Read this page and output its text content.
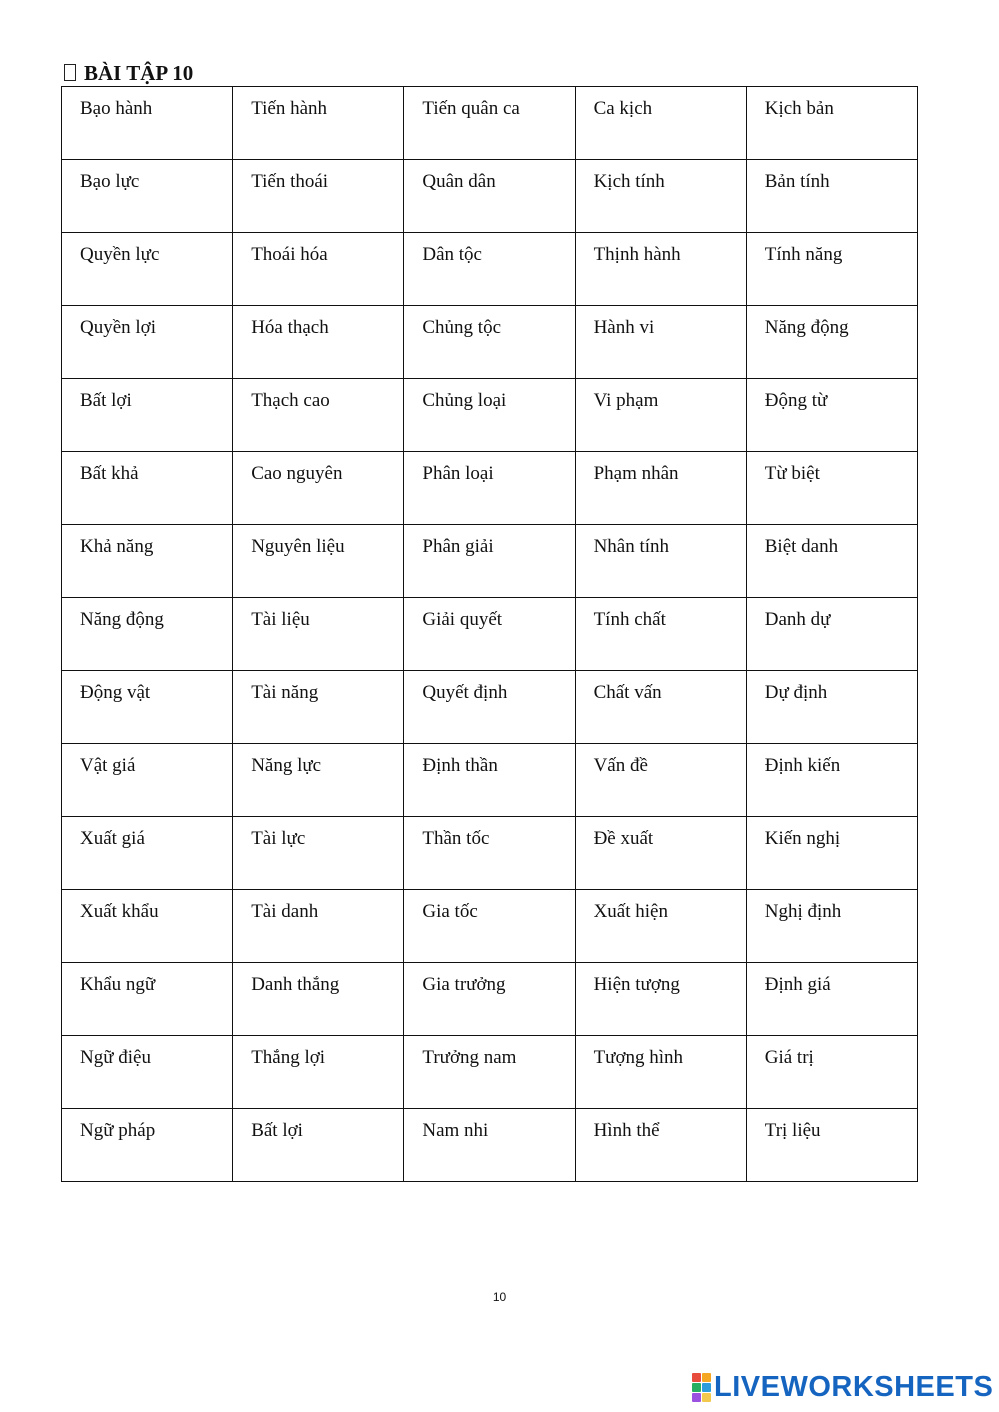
BÀI TẬP 10
Bạo hành	Tiến hành	Tiến quân ca	Ca kịch	Kịch bản
Bạo lực	Tiến thoái	Quân dân	Kịch tính	Bản tính
Quyền lực	Thoái hóa	Dân tộc	Thịnh hành	Tính năng
Quyền lợi	Hóa thạch	Chủng tộc	Hành vi	Năng động
Bất lợi	Thạch cao	Chủng loại	Vi phạm	Động từ
Bất khả	Cao nguyên	Phân loại	Phạm nhân	Từ biệt
Khả năng	Nguyên liệu	Phân giải	Nhân tính	Biệt danh
Năng động	Tài liệu	Giải quyết	Tính chất	Danh dự
Động vật	Tài năng	Quyết định	Chất vấn	Dự định
Vật giá	Năng lực	Định thần	Vấn đề	Định kiến
Xuất giá	Tài lực	Thần tốc	Đề xuất	Kiến nghị
Xuất khẩu	Tài danh	Gia tốc	Xuất hiện	Nghị định
Khẩu ngữ	Danh thắng	Gia trưởng	Hiện tượng	Định giá
Ngữ điệu	Thắng lợi	Trưởng nam	Tượng hình	Giá trị
Ngữ pháp	Bất lợi	Nam nhi	Hình thể	Trị liệu
10
LIVEWORKSHEETS
